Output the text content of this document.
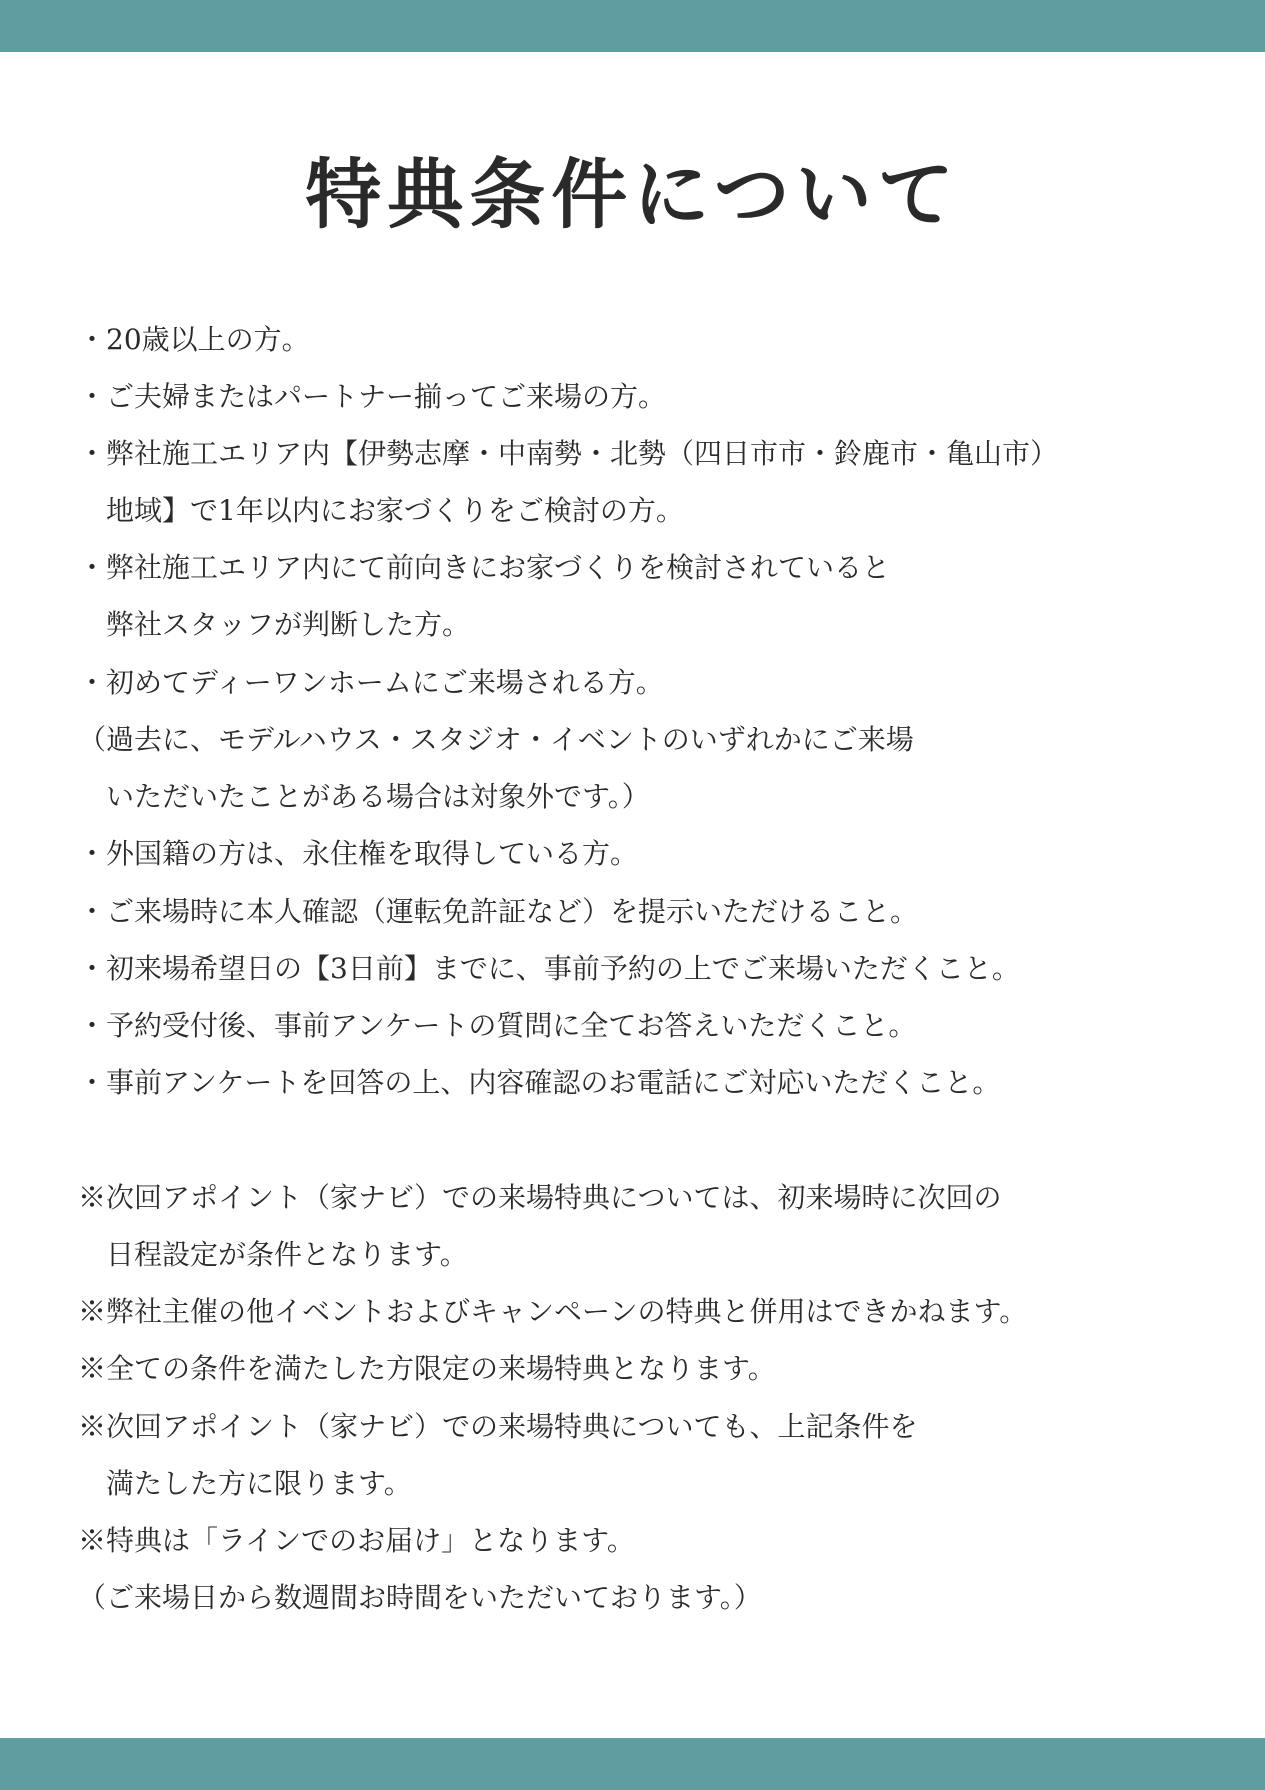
特典条件について
・20歳以上の方。
・ご夫婦またはパートナー揃ってご来場の方。
・弊社施工エリア内【伊勢志摩・中南勢・北勢（四日市市・鈴鹿市・亀山市）
　地域】で1年以内にお家づくりをご検討の方。
・弊社施工エリア内にて前向きにお家づくりを検討されていると
　弊社スタッフが判断した方。
・初めてディーワンホームにご来場される方。
（過去に、モデルハウス・スタジオ・イベントのいずれかにご来場
　いただいたことがある場合は対象外です。）
・外国籍の方は、永住権を取得している方。
・ご来場時に本人確認（運転免許証など）を提示いただけること。
・初来場希望日の【3日前】までに、事前予約の上でご来場いただくこと。
・予約受付後、事前アンケートの質問に全てお答えいただくこと。
・事前アンケートを回答の上、内容確認のお電話にご対応いただくこと。
※次回アポイント（家ナビ）での来場特典については、初来場時に次回の
　日程設定が条件となります。
※弊社主催の他イベントおよびキャンペーンの特典と併用はできかねます。
※全ての条件を満たした方限定の来場特典となります。
※次回アポイント（家ナビ）での来場特典についても、上記条件を
　満たした方に限ります。
※特典は「ラインでのお届け」となります。
（ご来場日から数週間お時間をいただいております。）
